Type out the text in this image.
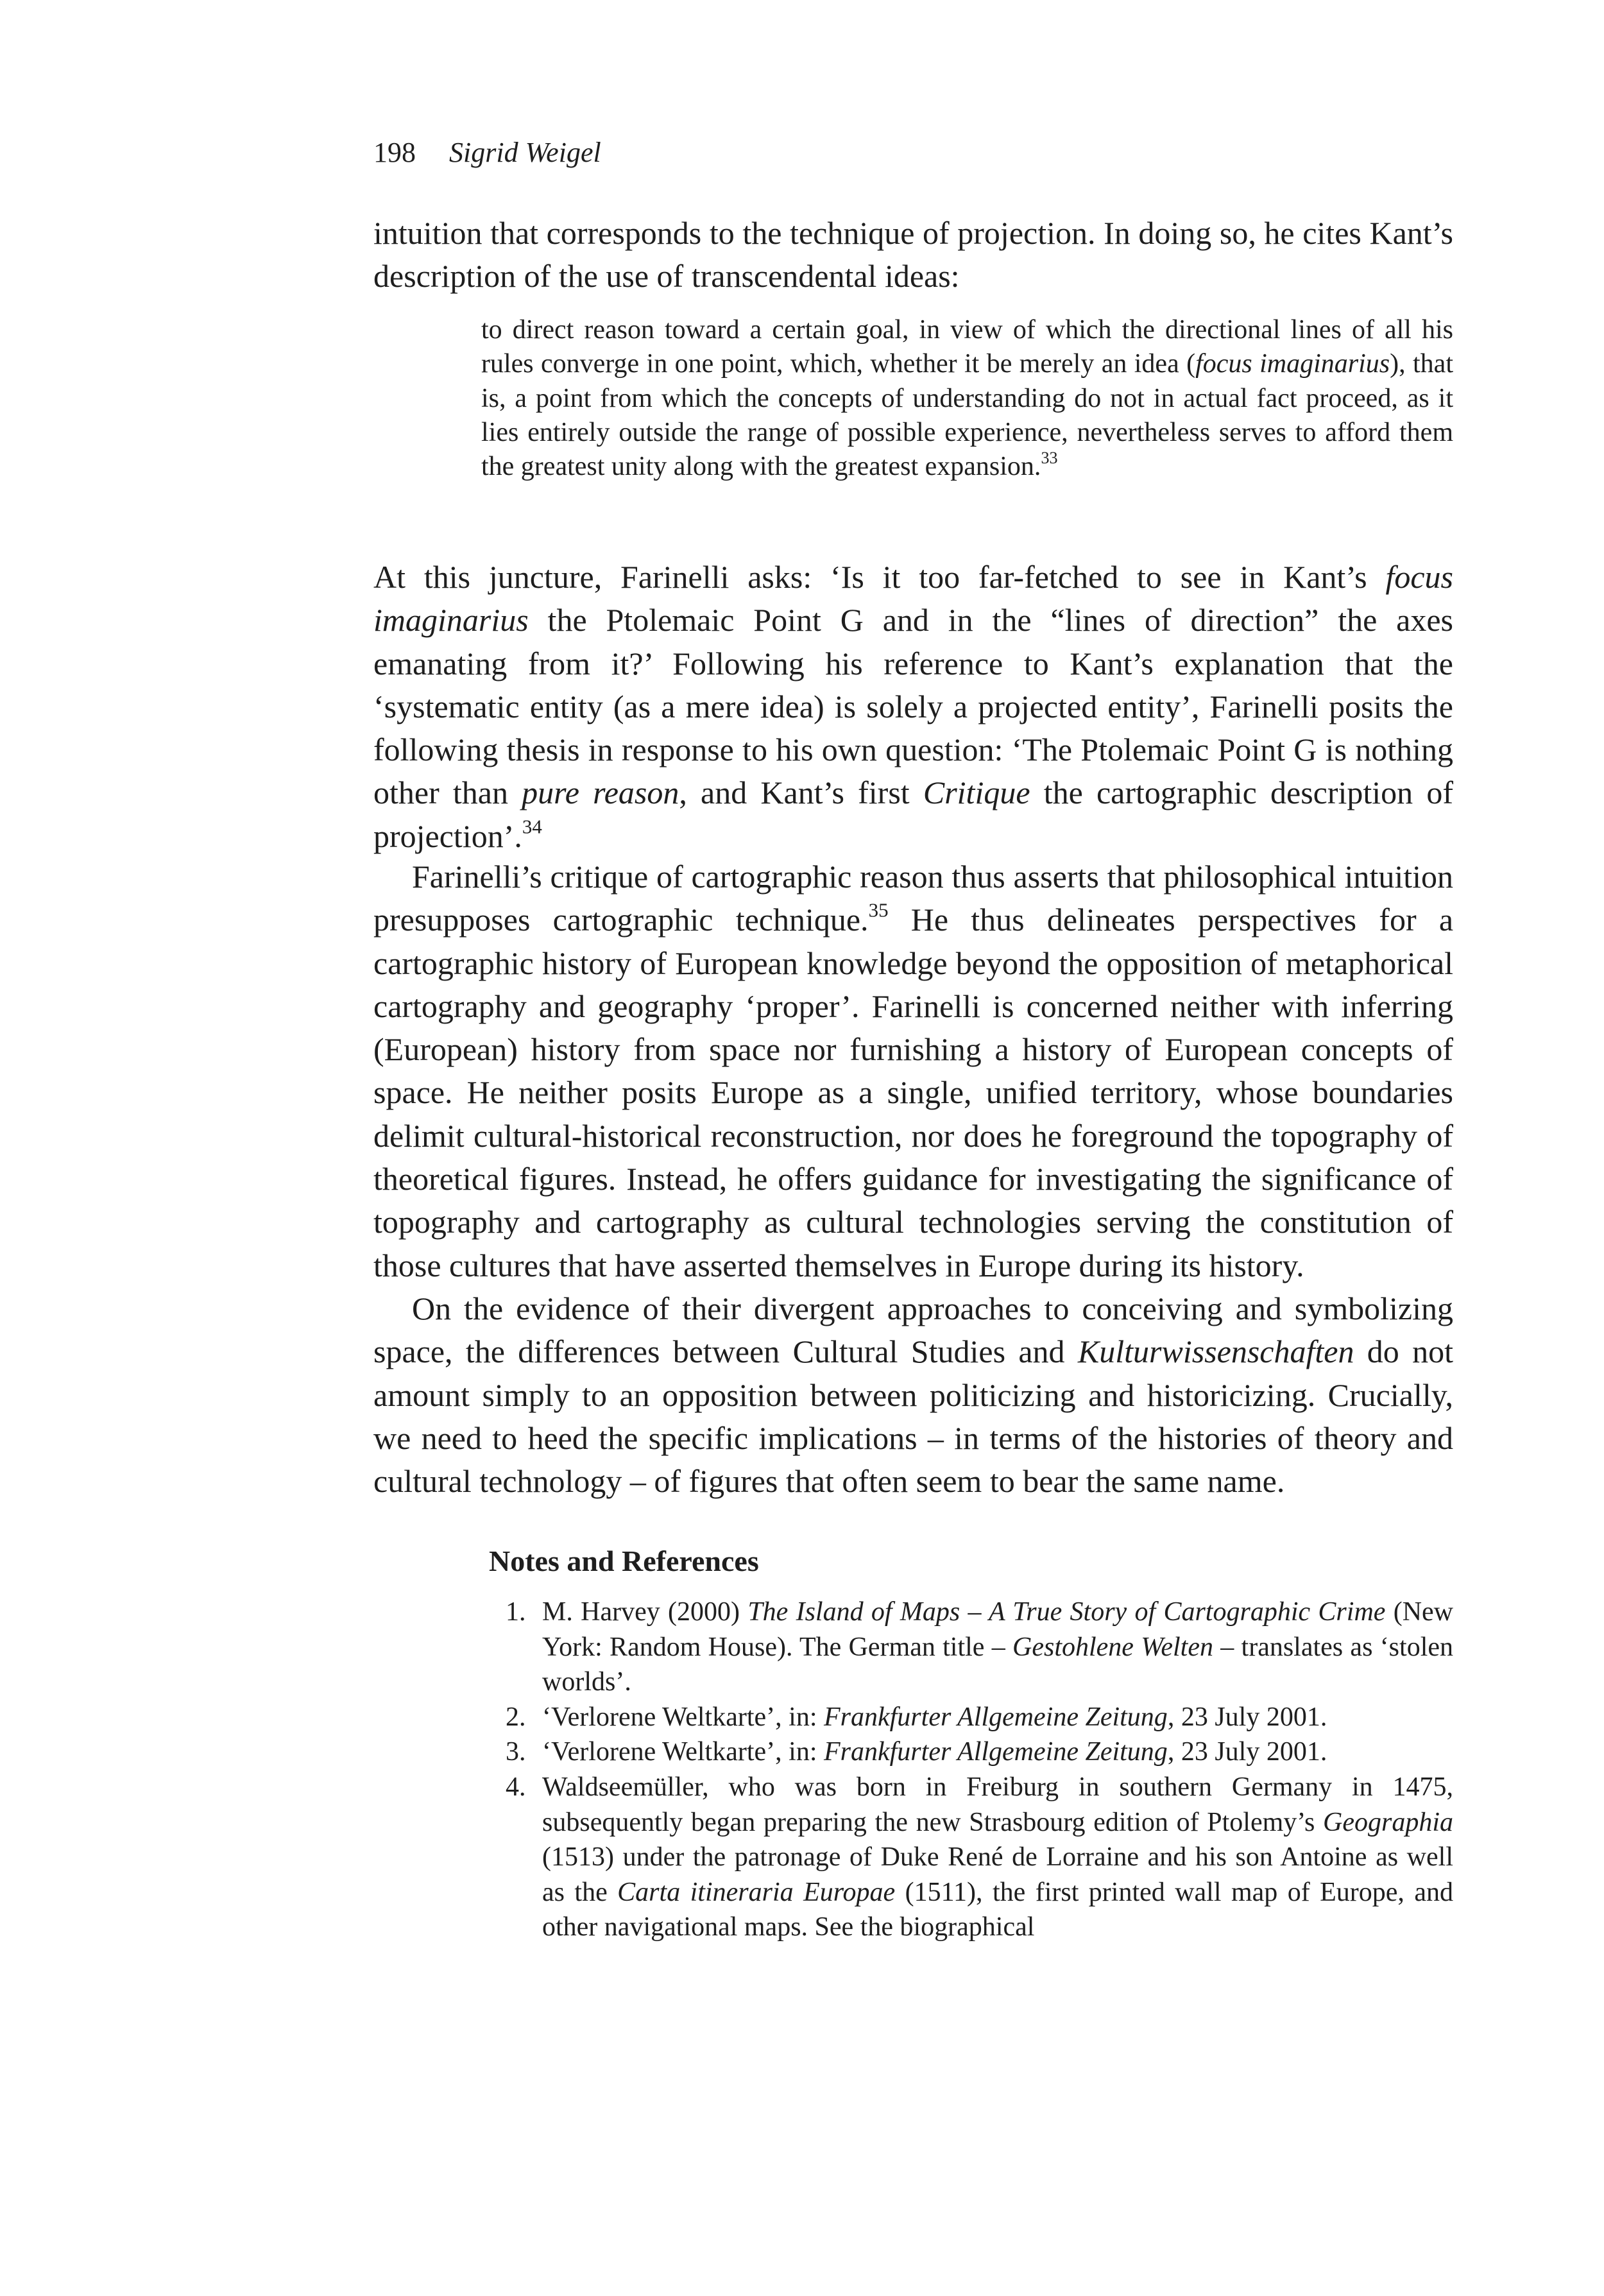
198 Sigrid Weigel

intuition that corresponds to the technique of projection. In doing so, he cites Kant’s description of the use of transcendental ideas:

to direct reason toward a certain goal, in view of which the directional lines of all his rules converge in one point, which, whether it be merely an idea (focus imaginarius), that is, a point from which the concepts of understanding do not in actual fact proceed, as it lies entirely outside the range of possible experience, nevertheless serves to afford them the greatest unity along with the greatest expansion.$^{33}$

At this juncture, Farinelli asks: ‘Is it too far-fetched to see in Kant’s focus imaginarius the Ptolemaic Point G and in the “lines of direction” the axes emanating from it?’ Following his reference to Kant’s explanation that the ‘systematic entity (as a mere idea) is solely a projected entity’, Farinelli posits the following thesis in response to his own question: ‘The Ptolemaic Point G is nothing other than pure reason, and Kant’s first Critique the cartographic description of projection’.$^{34}$

Farinelli’s critique of cartographic reason thus asserts that philosophical intuition presupposes cartographic technique.$^{35}$ He thus delineates perspectives for a cartographic history of European knowledge beyond the opposition of metaphorical cartography and geography ‘proper’. Farinelli is concerned neither with inferring (European) history from space nor furnishing a history of European concepts of space. He neither posits Europe as a single, unified territory, whose boundaries delimit cultural-historical reconstruction, nor does he foreground the topography of theoretical figures. Instead, he offers guidance for investigating the significance of topography and cartography as cultural technologies serving the constitution of those cultures that have asserted themselves in Europe during its history.

On the evidence of their divergent approaches to conceiving and symbolizing space, the differences between Cultural Studies and Kulturwissenschaften do not amount simply to an opposition between politicizing and historicizing. Crucially, we need to heed the specific implications – in terms of the histories of theory and cultural technology – of figures that often seem to bear the same name.

Notes and References
1. M. Harvey (2000) The Island of Maps – A True Story of Cartographic Crime (New York: Random House). The German title – Gestohlene Welten – translates as ‘stolen worlds’.
2. ‘Verlorene Weltkarte’, in: Frankfurter Allgemeine Zeitung, 23 July 2001.
3. ‘Verlorene Weltkarte’, in: Frankfurter Allgemeine Zeitung, 23 July 2001.
4. Waldseemüller, who was born in Freiburg in southern Germany in 1475, subsequently began preparing the new Strasbourg edition of Ptolemy’s Geographia (1513) under the patronage of Duke René de Lorraine and his son Antoine as well as the Carta itineraria Europae (1511), the first printed wall map of Europe, and other navigational maps. See the biographical
